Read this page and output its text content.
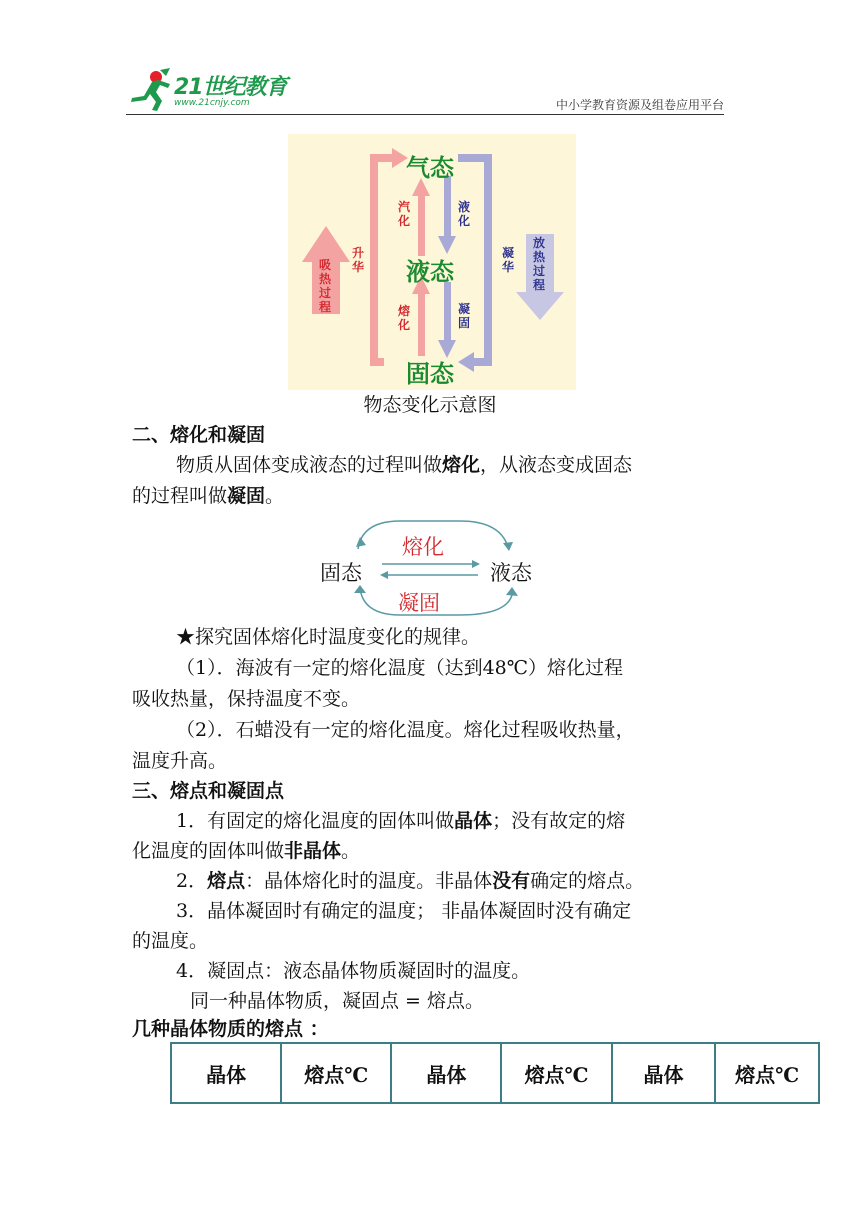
21世纪教育
www.21cnjy.com	中小学教育资源及组卷应用平台
气态
液态
固态
汽化
液化
熔化
凝固
升华
凝华
吸热过程
放热过程
物态变化示意图
二、熔化和凝固
物质从固体变成液态的过程叫做熔化，从液态变成固态
的过程叫做凝固。
固态	液态
熔化
凝固
★探究固体熔化时温度变化的规律。
（1）．海波有一定的熔化温度（达到48℃）熔化过程
吸收热量，保持温度不变。
（2）．石蜡没有一定的熔化温度。熔化过程吸收热量，
温度升高。
三、熔点和凝固点
1．有固定的熔化温度的固体叫做晶体；没有故定的熔
化温度的固体叫做非晶体。
2．熔点：晶体熔化时的温度。非晶体没有确定的熔点。
3．晶体凝固时有确定的温度； 非晶体凝固时没有确定
的温度。
4．凝固点：液态晶体物质凝固时的温度。
同一种晶体物质，凝固点 = 熔点。
几种晶体物质的熔点 ：
晶体	熔点℃	晶体	熔点℃	晶体	熔点℃
